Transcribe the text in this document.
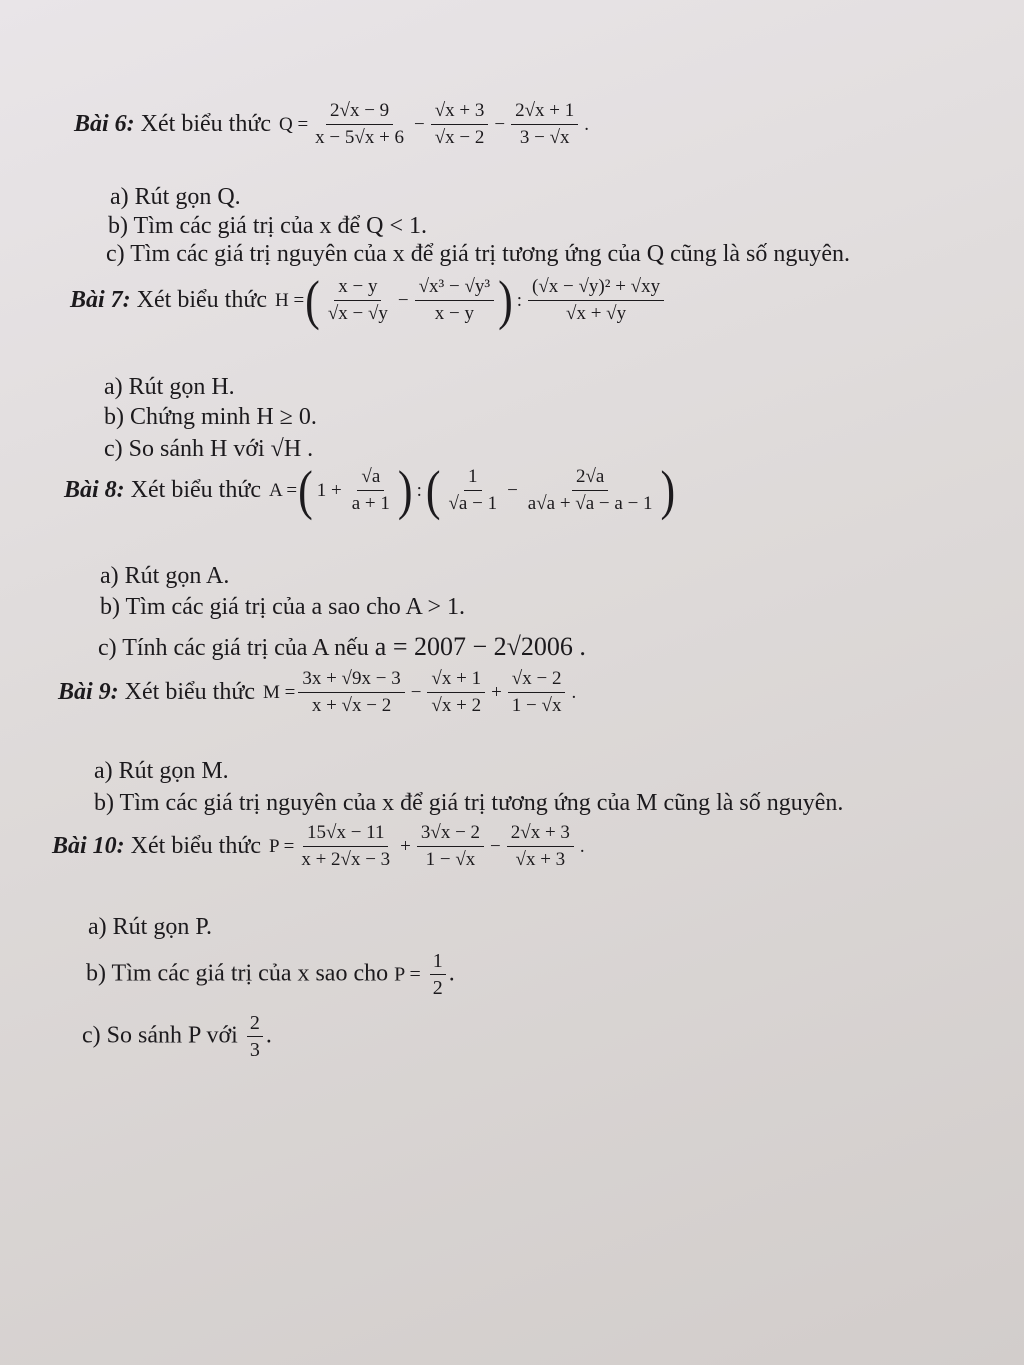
Bài 6: Xét biểu thức $Q = \frac{2√x - 9}{x - 5√x + 6} - \frac{√x + 3}{√x - 2} - \frac{2√x + 1}{3 - √x}$ .
a) Rút gọn Q.
b) Tìm các giá trị của x để Q < 1.
c) Tìm các giá trị nguyên của x để giá trị tương ứng của Q cũng là số nguyên.
Bài 7: Xét biểu thức H = ( $\frac{x - y}{√x - √y} - \frac{\text{√x³ − √y³}}{x - y}$ ) : $\frac{\text{(√x − √y)² + √xy}}{√x + √y}$
a) Rút gọn H.
b) Chứng minh H ≥ 0.
c) So sánh H với √H .
Bài 8: Xét biểu thức A = ( $1 + \frac{√a}{a + 1}$ ) : ( $\frac{1}{√a - 1} - \frac{2√a}{a√a + √a - a - 1}$ )
a) Rút gọn A.
b) Tìm các giá trị của a sao cho A > 1.
c) Tính các giá trị của A nếu a = 2007 − 2√2006 .
Bài 9: Xét biểu thức $M = \frac{3x + √9x - 3}{x + √x - 2} - \frac{√x + 1}{√x + 2} + \frac{√x - 2}{1 - √x}$ .
a) Rút gọn M.
b) Tìm các giá trị nguyên của x để giá trị tương ứng của M cũng là số nguyên.
Bài 10: Xét biểu thức $P = \frac{15√x - 11}{x + 2√x - 3} + \frac{3√x - 2}{1 - √x} - \frac{2√x + 3}{√x + 3}$ .
a) Rút gọn P.
b) Tìm các giá trị của x sao cho $P = \frac{1}{2}$ .
c) So sánh P với $\frac{2}{3}$ .
